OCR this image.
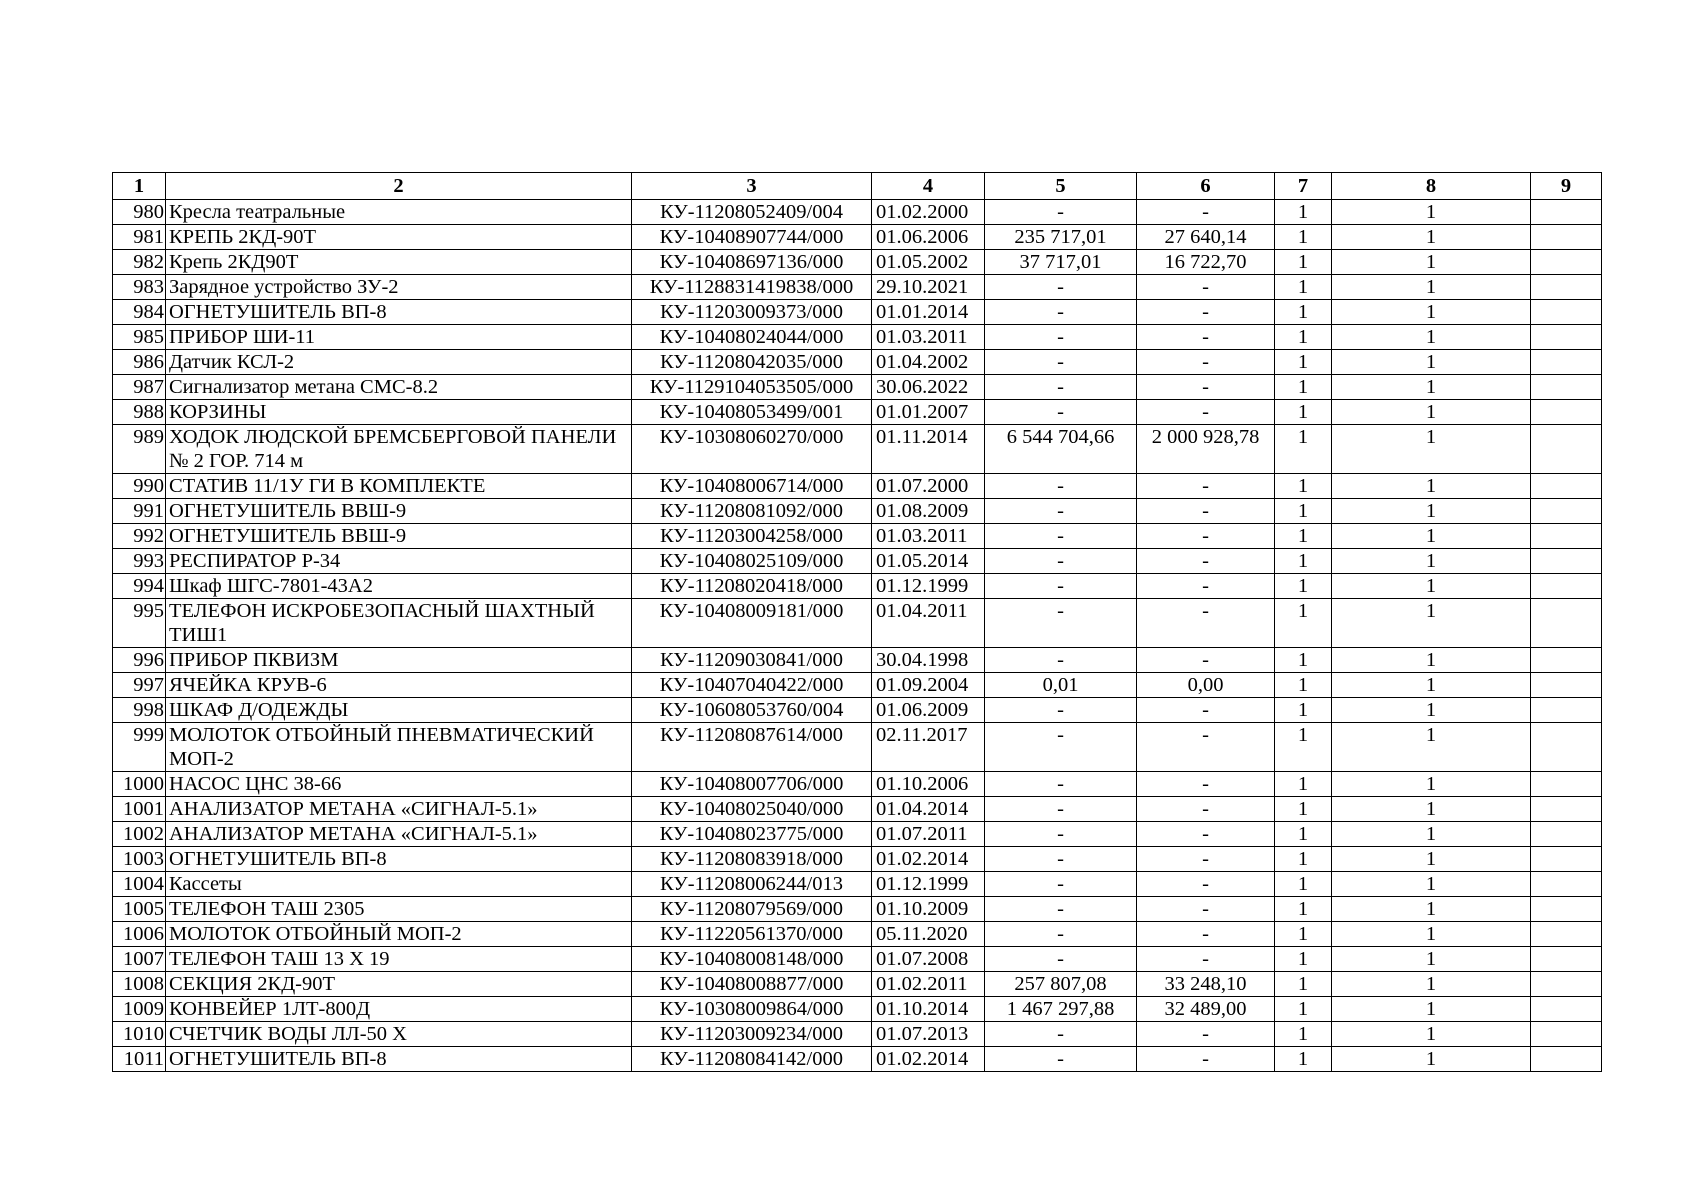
1	2	3	4	5	6	7	8	9
980	Кресла театральные	КУ-11208052409/004	01.02.2000	-	-	1	1	
981	КРЕПЬ 2КД-90Т	КУ-10408907744/000	01.06.2006	235 717,01	27 640,14	1	1	
982	Крепь 2КД90Т	КУ-10408697136/000	01.05.2002	37 717,01	16 722,70	1	1	
983	Зарядное устройство ЗУ-2	КУ-1128831419838/000	29.10.2021	-	-	1	1	
984	ОГНЕТУШИТЕЛЬ ВП-8	КУ-11203009373/000	01.01.2014	-	-	1	1	
985	ПРИБОР ШИ-11	КУ-10408024044/000	01.03.2011	-	-	1	1	
986	Датчик КСЛ-2	КУ-11208042035/000	01.04.2002	-	-	1	1	
987	Сигнализатор метана СМС-8.2	КУ-1129104053505/000	30.06.2022	-	-	1	1	
988	КОРЗИНЫ	КУ-10408053499/001	01.01.2007	-	-	1	1	
989	ХОДОК ЛЮДСКОЙ БРЕМСБЕРГОВОЙ ПАНЕЛИ № 2 ГОР. 714 м	КУ-10308060270/000	01.11.2014	6 544 704,66	2 000 928,78	1	1	
990	СТАТИВ 11/1У ГИ В КОМПЛЕКТЕ	КУ-10408006714/000	01.07.2000	-	-	1	1	
991	ОГНЕТУШИТЕЛЬ ВВШ-9	КУ-11208081092/000	01.08.2009	-	-	1	1	
992	ОГНЕТУШИТЕЛЬ ВВШ-9	КУ-11203004258/000	01.03.2011	-	-	1	1	
993	РЕСПИРАТОР Р-34	КУ-10408025109/000	01.05.2014	-	-	1	1	
994	Шкаф ШГС-7801-43А2	КУ-11208020418/000	01.12.1999	-	-	1	1	
995	ТЕЛЕФОН ИСКРОБЕЗОПАСНЫЙ ШАХТНЫЙ ТИШ1	КУ-10408009181/000	01.04.2011	-	-	1	1	
996	ПРИБОР ПКВИЗМ	КУ-11209030841/000	30.04.1998	-	-	1	1	
997	ЯЧЕЙКА КРУВ-6	КУ-10407040422/000	01.09.2004	0,01	0,00	1	1	
998	ШКАФ Д/ОДЕЖДЫ	КУ-10608053760/004	01.06.2009	-	-	1	1	
999	МОЛОТОК ОТБОЙНЫЙ ПНЕВМАТИЧЕСКИЙ МОП-2	КУ-11208087614/000	02.11.2017	-	-	1	1	
1000	НАСОС ЦНС 38-66	КУ-10408007706/000	01.10.2006	-	-	1	1	
1001	АНАЛИЗАТОР МЕТАНА «СИГНАЛ-5.1»	КУ-10408025040/000	01.04.2014	-	-	1	1	
1002	АНАЛИЗАТОР МЕТАНА «СИГНАЛ-5.1»	КУ-10408023775/000	01.07.2011	-	-	1	1	
1003	ОГНЕТУШИТЕЛЬ ВП-8	КУ-11208083918/000	01.02.2014	-	-	1	1	
1004	Кассеты	КУ-11208006244/013	01.12.1999	-	-	1	1	
1005	ТЕЛЕФОН ТАШ 2305	КУ-11208079569/000	01.10.2009	-	-	1	1	
1006	МОЛОТОК ОТБОЙНЫЙ МОП-2	КУ-11220561370/000	05.11.2020	-	-	1	1	
1007	ТЕЛЕФОН ТАШ 13 Х 19	КУ-10408008148/000	01.07.2008	-	-	1	1	
1008	СЕКЦИЯ 2КД-90Т	КУ-10408008877/000	01.02.2011	257 807,08	33 248,10	1	1	
1009	КОНВЕЙЕР 1ЛТ-800Д	КУ-10308009864/000	01.10.2014	1 467 297,88	32 489,00	1	1	
1010	СЧЕТЧИК ВОДЫ ЛЛ-50 Х	КУ-11203009234/000	01.07.2013	-	-	1	1	
1011	ОГНЕТУШИТЕЛЬ ВП-8	КУ-11208084142/000	01.02.2014	-	-	1	1	
